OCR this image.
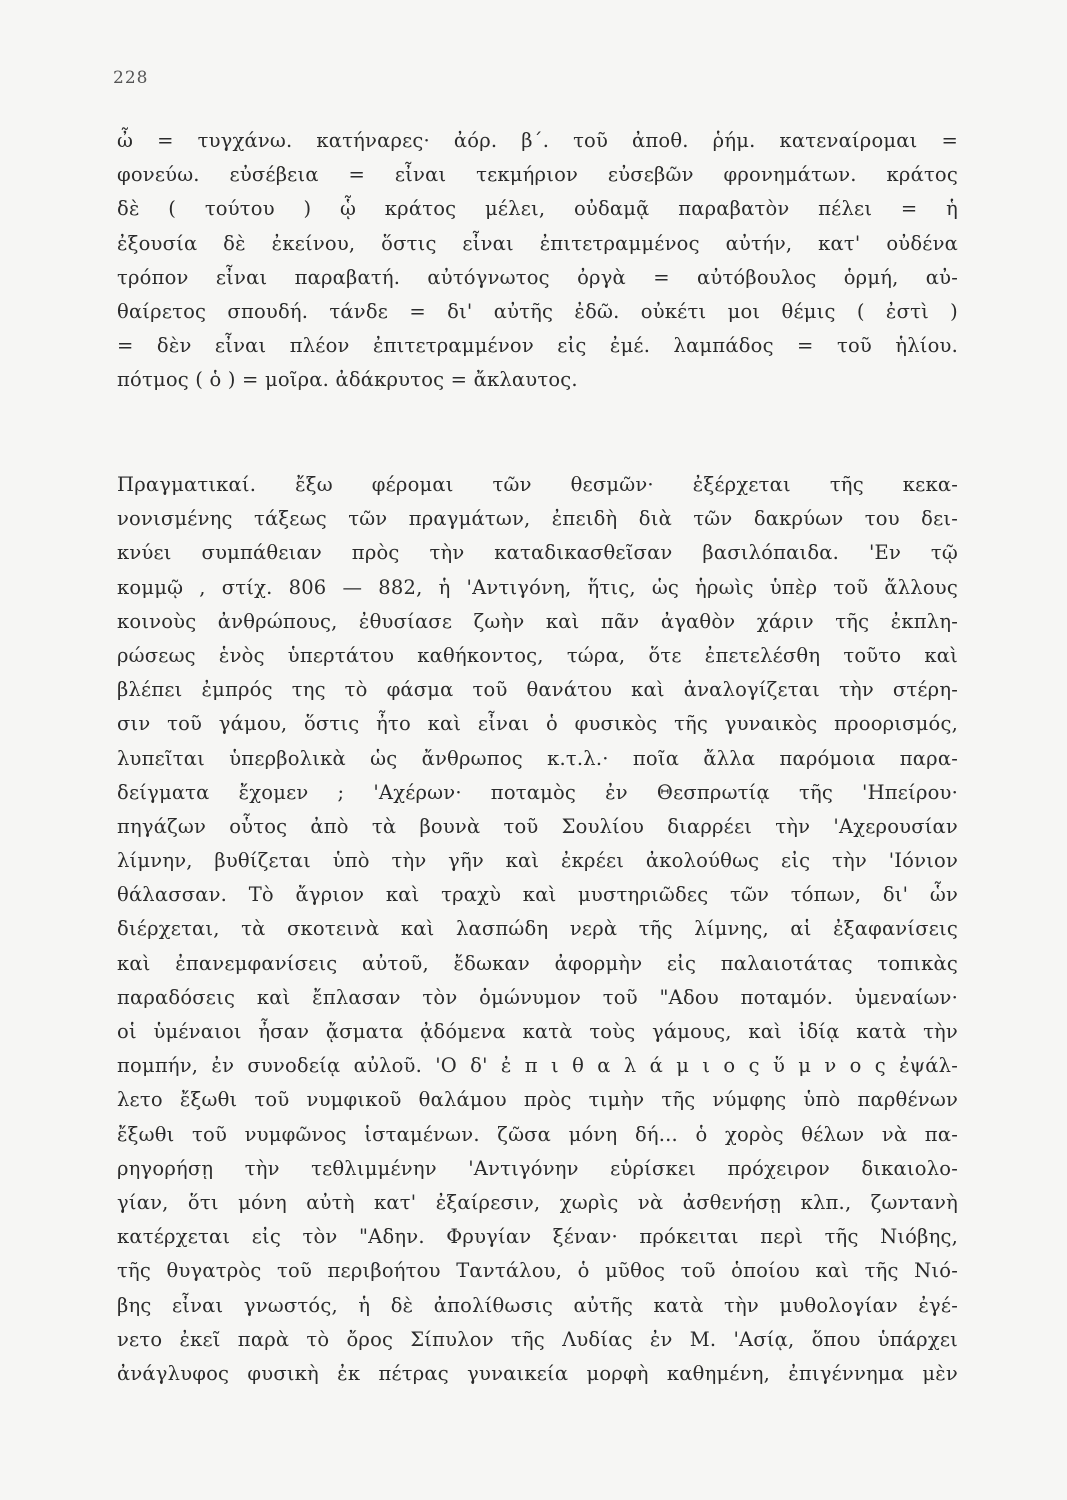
228
ὦ = τυγχάνω. κατήναρες· ἀόρ. β΄. τοῦ ἀποθ. ῥήμ. κατεναίρομαι =
φονεύω. εὐσέβεια = εἶναι τεκμήριον εὐσεβῶν φρονημάτων. κράτος
δὲ ( τούτου ) ᾧ κράτος μέλει, οὐδαμᾷ παραβατὸν πέλει = ἡ
ἐξουσία δὲ ἐκείνου, ὅστις εἶναι ἐπιτετραμμένος αὐτήν, κατ' οὐδένα
τρόπον εἶναι παραβατή. αὐτόγνωτος ὀργὰ = αὐτόβουλος ὁρμή, αὐ-
θαίρετος σπουδή. τάνδε = δι' αὐτῆς ἐδῶ. οὐκέτι μοι θέμις ( ἐστὶ )
= δὲν εἶναι πλέον ἐπιτετραμμένον εἰς ἐμέ. λαμπάδος = τοῦ ἡλίου.
πότμος ( ὁ ) = μοῖρα. ἀδάκρυτος = ἄκλαυτος.
Πραγματικαί. ἔξω φέρομαι τῶν θεσμῶν· ἐξέρχεται τῆς κεκα-
νονισμένης τάξεως τῶν πραγμάτων, ἐπειδὴ διὰ τῶν δακρύων του δει-
κνύει συμπάθειαν πρὸς τὴν καταδικασθεῖσαν βασιλόπαιδα. 'Εν τῷ
κομμῷ , στίχ. 806 — 882, ἡ 'Αντιγόνη, ἥτις, ὡς ἡρωὶς ὑπὲρ τοῦ ἄλλους
κοινοὺς ἀνθρώπους, ἐθυσίασε ζωὴν καὶ πᾶν ἀγαθὸν χάριν τῆς ἐκπλη-
ρώσεως ἑνὸς ὑπερτάτου καθήκοντος, τώρα, ὅτε ἐπετελέσθη τοῦτο καὶ
βλέπει ἐμπρός της τὸ φάσμα τοῦ θανάτου καὶ ἀναλογίζεται τὴν στέρη-
σιν τοῦ γάμου, ὅστις ἦτο καὶ εἶναι ὁ φυσικὸς τῆς γυναικὸς προορισμός,
λυπεῖται ὑπερβολικὰ ὡς ἄνθρωπος κ.τ.λ.· ποῖα ἄλλα παρόμοια παρα-
δείγματα ἔχομεν ; 'Αχέρων· ποταμὸς ἐν Θεσπρωτίᾳ τῆς 'Ηπείρου·
πηγάζων οὗτος ἀπὸ τὰ βουνὰ τοῦ Σουλίου διαρρέει τὴν 'Αχερουσίαν
λίμνην, βυθίζεται ὑπὸ τὴν γῆν καὶ ἐκρέει ἀκολούθως εἰς τὴν 'Ιόνιον
θάλασσαν. Τὸ ἄγριον καὶ τραχὺ καὶ μυστηριῶδες τῶν τόπων, δι' ὧν
διέρχεται, τὰ σκοτεινὰ καὶ λασπώδη νερὰ τῆς λίμνης, αἱ ἐξαφανίσεις
καὶ ἐπανεμφανίσεις αὐτοῦ, ἔδωκαν ἀφορμὴν εἰς παλαιοτάτας τοπικὰς
παραδόσεις καὶ ἔπλασαν τὸν ὁμώνυμον τοῦ "Αδου ποταμόν. ὑμεναίων·
οἱ ὑμέναιοι ἦσαν ᾄσματα ᾀδόμενα κατὰ τοὺς γάμους, καὶ ἰδίᾳ κατὰ τὴν
πομπήν, ἐν συνοδείᾳ αὐλοῦ. 'Ο δ' ἐ π ι θ α λ ά μ ι ο ς ὕ μ ν ο ς ἐψάλ-
λετο ἔξωθι τοῦ νυμφικοῦ θαλάμου πρὸς τιμὴν τῆς νύμφης ὑπὸ παρθένων
ἔξωθι τοῦ νυμφῶνος ἱσταμένων. ζῶσα μόνη δή... ὁ χορὸς θέλων νὰ πα-
ρηγορήσῃ τὴν τεθλιμμένην 'Αντιγόνην εὑρίσκει πρόχειρον δικαιολο-
γίαν, ὅτι μόνη αὐτὴ κατ' ἐξαίρεσιν, χωρὶς νὰ ἀσθενήσῃ κλπ., ζωντανὴ
κατέρχεται εἰς τὸν "Αδην. Φρυγίαν ξέναν· πρόκειται περὶ τῆς Νιόβης,
τῆς θυγατρὸς τοῦ περιβοήτου Ταντάλου, ὁ μῦθος τοῦ ὁποίου καὶ τῆς Νιό-
βης εἶναι γνωστός, ἡ δὲ ἀπολίθωσις αὐτῆς κατὰ τὴν μυθολογίαν ἐγέ-
νετο ἐκεῖ παρὰ τὸ ὄρος Σίπυλον τῆς Λυδίας ἐν Μ. 'Ασίᾳ, ὅπου ὑπάρχει
ἀνάγλυφος φυσικὴ ἐκ πέτρας γυναικεία μορφὴ καθημένη, ἐπιγέννημα μὲν
